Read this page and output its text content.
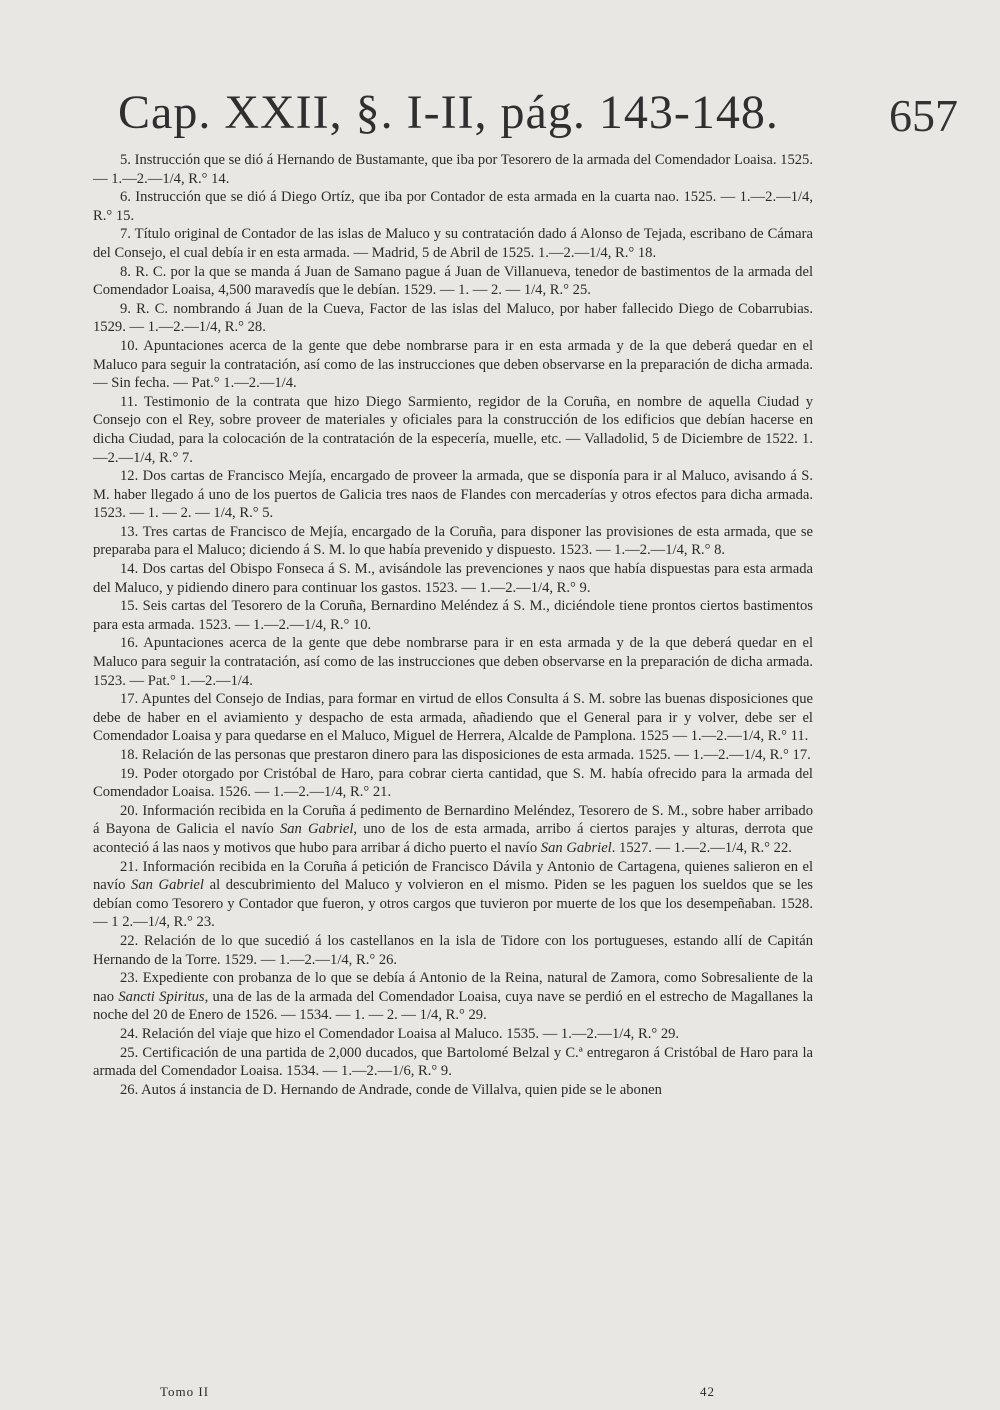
Cap. XXII, §. I-II, pág. 143-148. 657

5. Instrucción que se dió á Hernando de Bustamante, que iba por Tesorero de la armada del Comendador Loaisa. 1525. — 1.—2.—1/4, R.° 14.

6. Instrucción que se dió á Diego Ortíz, que iba por Contador de esta armada en la cuarta nao. 1525. — 1.—2.—1/4, R.° 15.

7. Título original de Contador de las islas de Maluco y su contratación dado á Alonso de Tejada, escribano de Cámara del Consejo, el cual debía ir en esta armada. — Madrid, 5 de Abril de 1525. 1.—2.—1/4, R.° 18.

8. R. C. por la que se manda á Juan de Samano pague á Juan de Villanueva, tenedor de bastimentos de la armada del Comendador Loaisa, 4,500 maravedís que le debían. 1529. — 1. — 2. — 1/4, R.° 25.

9. R. C. nombrando á Juan de la Cueva, Factor de las islas del Maluco, por haber fallecido Diego de Cobarrubias. 1529. — 1.—2.—1/4, R.° 28.

10. Apuntaciones acerca de la gente que debe nombrarse para ir en esta armada y de la que deberá quedar en el Maluco para seguir la contratación, así como de las instrucciones que deben observarse en la preparación de dicha armada. — Sin fecha. — Pat.° 1.—2.—1/4.

11. Testimonio de la contrata que hizo Diego Sarmiento, regidor de la Coruña, en nombre de aquella Ciudad y Consejo con el Rey, sobre proveer de materiales y oficiales para la construcción de los edificios que debían hacerse en dicha Ciudad, para la colocación de la contratación de la especería, muelle, etc. — Valladolid, 5 de Diciembre de 1522. 1.—2.—1/4, R.° 7.

12. Dos cartas de Francisco Mejía, encargado de proveer la armada, que se disponía para ir al Maluco, avisando á S. M. haber llegado á uno de los puertos de Galicia tres naos de Flandes con mercaderías y otros efectos para dicha armada. 1523. — 1. — 2. — 1/4, R.° 5.

13. Tres cartas de Francisco de Mejía, encargado de la Coruña, para disponer las provisiones de esta armada, que se preparaba para el Maluco; diciendo á S. M. lo que había prevenido y dispuesto. 1523. — 1.—2.—1/4, R.° 8.

14. Dos cartas del Obispo Fonseca á S. M., avisándole las prevenciones y naos que había dispuestas para esta armada del Maluco, y pidiendo dinero para continuar los gastos. 1523. — 1.—2.—1/4, R.° 9.

15. Seis cartas del Tesorero de la Coruña, Bernardino Meléndez á S. M., diciéndole tiene prontos ciertos bastimentos para esta armada. 1523. — 1.—2.—1/4, R.° 10.

16. Apuntaciones acerca de la gente que debe nombrarse para ir en esta armada y de la que deberá quedar en el Maluco para seguir la contratación, así como de las instrucciones que deben observarse en la preparación de dicha armada. 1523. — Pat.° 1.—2.—1/4.

17. Apuntes del Consejo de Indias, para formar en virtud de ellos Consulta á S. M. sobre las buenas disposiciones que debe de haber en el aviamiento y despacho de esta armada, añadiendo que el General para ir y volver, debe ser el Comendador Loaisa y para quedarse en el Maluco, Miguel de Herrera, Alcalde de Pamplona. 1525 — 1.—2.—1/4, R.° 11.

18. Relación de las personas que prestaron dinero para las disposiciones de esta armada. 1525. — 1.—2.—1/4, R.° 17.

19. Poder otorgado por Cristóbal de Haro, para cobrar cierta cantidad, que S. M. había ofrecido para la armada del Comendador Loaisa. 1526. — 1.—2.—1/4, R.° 21.

20. Información recibida en la Coruña á pedimento de Bernardino Meléndez, Tesorero de S. M., sobre haber arribado á Bayona de Galicia el navío San Gabriel, uno de los de esta armada, arribo á ciertos parajes y alturas, derrota que aconteció á las naos y motivos que hubo para arribar á dicho puerto el navío San Gabriel. 1527. — 1.—2.—1/4, R.° 22.

21. Información recibida en la Coruña á petición de Francisco Dávila y Antonio de Cartagena, quienes salieron en el navío San Gabriel al descubrimiento del Maluco y volvieron en el mismo. Piden se les paguen los sueldos que se les debían como Tesorero y Contador que fueron, y otros cargos que tuvieron por muerte de los que los desempeñaban. 1528. — 1 2.—1/4, R.° 23.

22. Relación de lo que sucedió á los castellanos en la isla de Tidore con los portugueses, estando allí de Capitán Hernando de la Torre. 1529. — 1.—2.—1/4, R.° 26.

23. Expediente con probanza de lo que se debía á Antonio de la Reina, natural de Zamora, como Sobresaliente de la nao Sancti Spiritus, una de las de la armada del Comendador Loaisa, cuya nave se perdió en el estrecho de Magallanes la noche del 20 de Enero de 1526. — 1534. — 1. — 2. — 1/4, R.° 29.

24. Relación del viaje que hizo el Comendador Loaisa al Maluco. 1535. — 1.—2.—1/4, R.° 29.

25. Certificación de una partida de 2,000 ducados, que Bartolomé Belzal y C.ª entregaron á Cristóbal de Haro para la armada del Comendador Loaisa. 1534. — 1.—2.—1/6, R.° 9.

26. Autos á instancia de D. Hernando de Andrade, conde de Villalva, quien pide se le abonen

Tomo II	42
